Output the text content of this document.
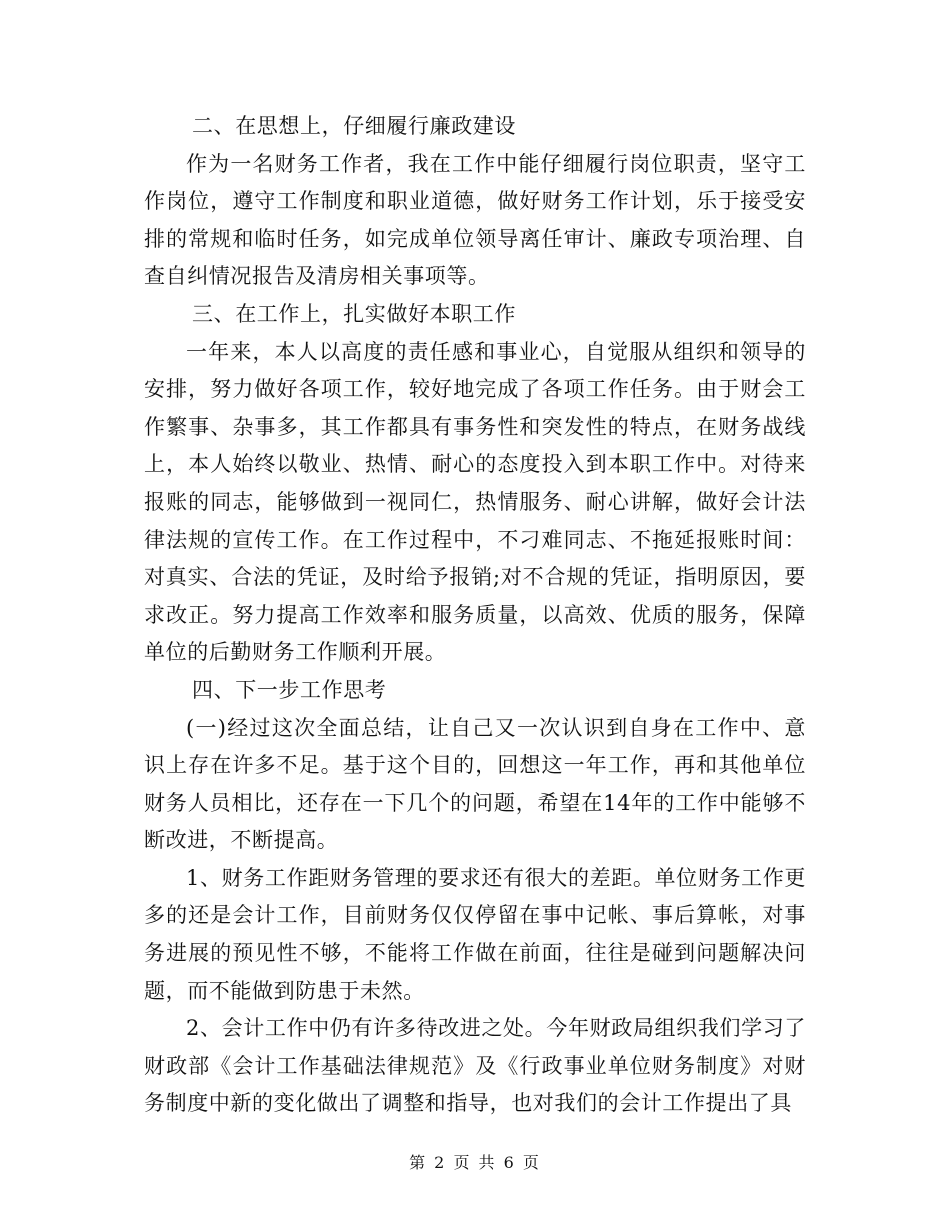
二、在思想上，仔细履行廉政建设

作为一名财务工作者，我在工作中能仔细履行岗位职责，坚守工作岗位，遵守工作制度和职业道德，做好财务工作计划，乐于接受安排的常规和临时任务，如完成单位领导离任审计、廉政专项治理、自查自纠情况报告及清房相关事项等。

三、在工作上，扎实做好本职工作

一年来，本人以高度的责任感和事业心，自觉服从组织和领导的安排，努力做好各项工作，较好地完成了各项工作任务。由于财会工作繁事、杂事多，其工作都具有事务性和突发性的特点，在财务战线上，本人始终以敬业、热情、耐心的态度投入到本职工作中。对待来报账的同志，能够做到一视同仁，热情服务、耐心讲解，做好会计法律法规的宣传工作。在工作过程中，不刁难同志、不拖延报账时间：对真实、合法的凭证，及时给予报销;对不合规的凭证，指明原因，要求改正。努力提高工作效率和服务质量，以高效、优质的服务，保障单位的后勤财务工作顺利开展。

四、下一步工作思考

(一)经过这次全面总结，让自己又一次认识到自身在工作中、意识上存在许多不足。基于这个目的，回想这一年工作，再和其他单位财务人员相比，还存在一下几个的问题，希望在14年的工作中能够不断改进，不断提高。

1、财务工作距财务管理的要求还有很大的差距。单位财务工作更多的还是会计工作，目前财务仅仅停留在事中记帐、事后算帐，对事务进展的预见性不够，不能将工作做在前面，往往是碰到问题解决问题，而不能做到防患于未然。

2、会计工作中仍有许多待改进之处。今年财政局组织我们学习了财政部《会计工作基础法律规范》及《行政事业单位财务制度》对财务制度中新的变化做出了调整和指导，也对我们的会计工作提出了具

第 2 页 共 6 页
